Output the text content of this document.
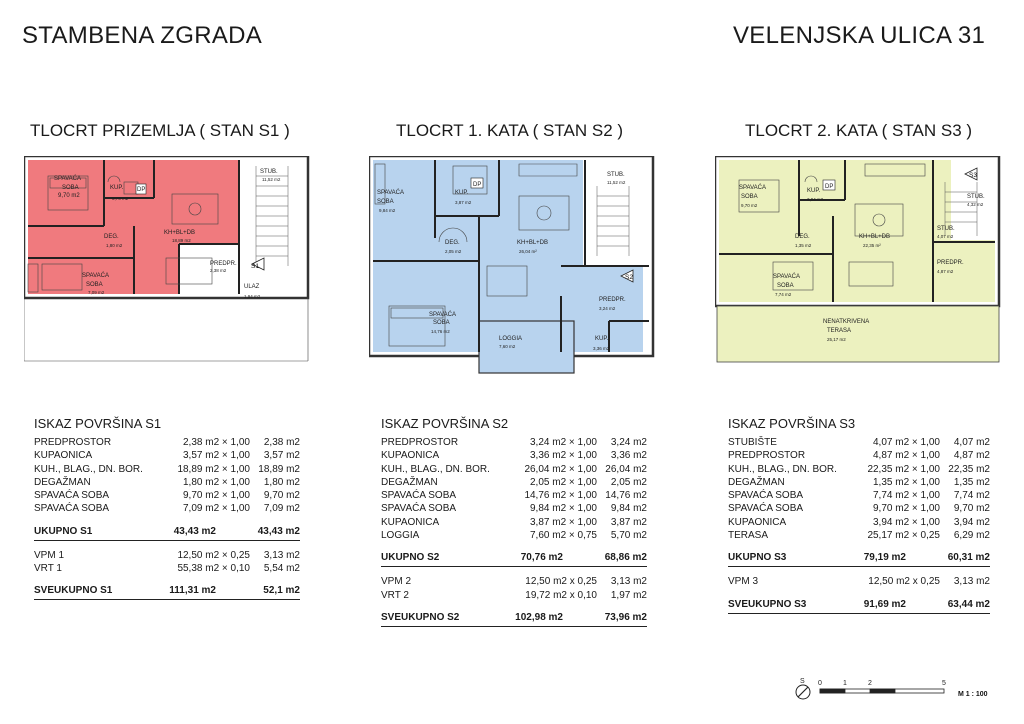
STAMBENA ZGRADA	VELENJSKA ULICA 31
TLOCRT PRIZEMLJA ( STAN S1 )	TLOCRT 1. KATA ( STAN S2 )	TLOCRT 2. KATA ( STAN S3 )
SPAVAĆA
SOBA
9,70 m2
KUP.
3,76 m2
DP
DEG.
1,80 m2
KH+BL+DB
18,89 m2
SPAVAĆA
SOBA
7,09 m2
STUB.
11,52 m2
PREDPR.
2,38 m2
ULAZ
1,94 m2
S1
SPAVAĆA
SOBA
9,84 m2
KUP.
3,87 m2
DP
DEG.
2,05 m2
KH+BL+DB
26,04 m²
STUB.
11,52 m2
S2
PREDPR.
3,24 m2
SPAVAĆA
SOBA
14,76 m2
LOGGIA
7,60 m2
KUP.
3,36 m2
SPAVAĆA
SOBA
9,70 m2
KUP.
3,94 m2
DP
DEG.
1,35 m2
KH+BL+DB
22,35 m²
S3
STUB.
4,32 m2
STUB.
4,07 m2
PREDPR.
4,87 m2
SPAVAĆA
SOBA
7,74 m2
NENATKRIVENA
TERASA
25,17 m2
ISKAZ POVRŠINA S1
PREDPROSTOR	2,38 m2 × 1,00 2,38 m2
KUPAONICA	3,57 m2 × 1,00 3,57 m2
KUH., BLAG., DN. BOR.	18,89 m2 × 1,00 18,89 m2
DEGAŽMAN	1,80 m2 × 1,00 1,80 m2
SPAVAĆA SOBA	9,70 m2 × 1,00 9,70 m2
SPAVAĆA SOBA	7,09 m2 × 1,00 7,09 m2
UKUPNO S1	43,43 m2	43,43 m2
VPM 1	12,50 m2 × 0,25 3,13 m2
VRT 1	55,38 m2 × 0,10 5,54 m2
SVEUKUPNO S1	111,31 m2	52,1 m2
ISKAZ POVRŠINA S2
PREDPROSTOR	3,24 m2 × 1,00 3,24 m2
KUPAONICA	3,36 m2 × 1,00 3,36 m2
KUH., BLAG., DN. BOR.	26,04 m2 × 1,00 26,04 m2
DEGAŽMAN	2,05 m2 × 1,00 2,05 m2
SPAVAĆA SOBA	14,76 m2 × 1,00 14,76 m2
SPAVAĆA SOBA	9,84 m2 × 1,00 9,84 m2
KUPAONICA	3,87 m2 × 1,00 3,87 m2
LOGGIA	7,60 m2 × 0,75 5,70 m2
UKUPNO S2	70,76 m2	68,86 m2
VPM 2	12,50 m2 x 0,25 3,13 m2
VRT 2	19,72 m2 x 0,10 1,97 m2
SVEUKUPNO S2	102,98 m2	73,96 m2
ISKAZ POVRŠINA S3
STUBIŠTE	4,07 m2 × 1,00 4,07 m2
PREDPROSTOR	4,87 m2 × 1,00 4,87 m2
KUH., BLAG., DN. BOR.	22,35 m2 × 1,00 22,35 m2
DEGAŽMAN	1,35 m2 × 1,00 1,35 m2
SPAVAĆA SOBA	7,74 m2 × 1,00 7,74 m2
SPAVAĆA SOBA	9,70 m2 × 1,00 9,70 m2
KUPAONICA	3,94 m2 × 1,00 3,94 m2
TERASA	25,17 m2 × 0,25 6,29 m2
UKUPNO S3	79,19 m2	60,31 m2
VPM 3	12,50 m2 x 0,25 3,13 m2
SVEUKUPNO S3	91,69 m2	63,44 m2
S 0	1	2	5
M 1 : 100
